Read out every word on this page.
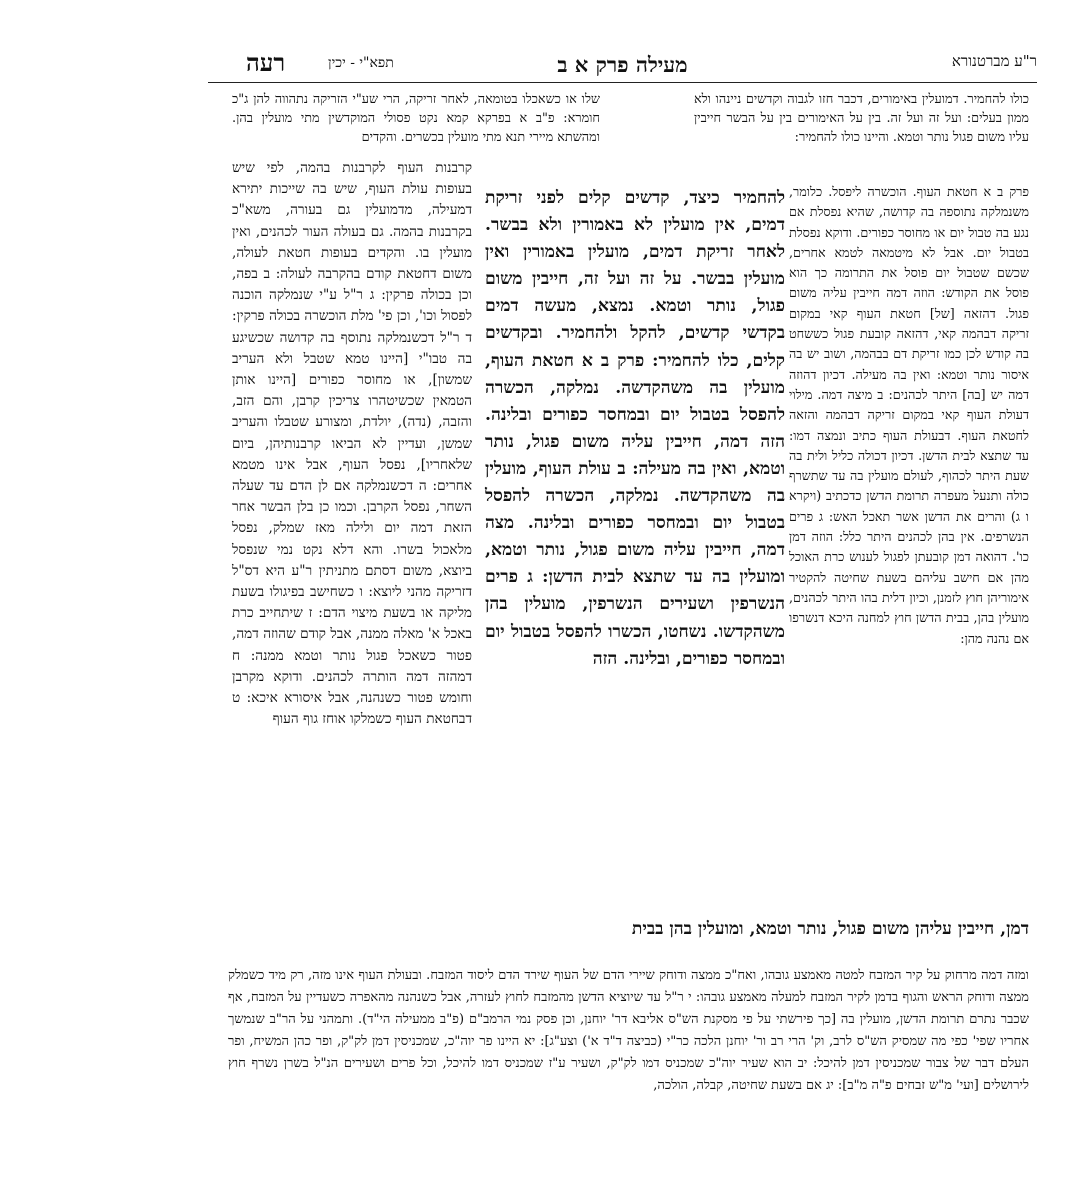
ר"ע מברטנורא
מעילה פרק א ב
תפא"י - יכין
רעה

כולו להחמיר. דמועלין באימורים, דכבר חזו לגבוה וקדשים ניינהו ולא ממון בעלים: ועל זה ועל זה. בין על האימורים בין על הבשר חייבין עליו משום פגול נותר וטמא. והיינו כולו להחמיר:

שלו או כשאכלו בטומאה, לאחר זריקה, הרי שע"י הזריקה נתהווה להן ג"כ חומרא: פ"ב א בפרקא קמא נקט פסולי המוקדשין מתי מועלין בהן. ומהשתא מיירי תנא מתי מועלין בכשרים. והקדים

קרבנות העוף לקרבנות בהמה, לפי שיש בעופות עולת העוף, שיש בה שייכות יתירא דמעילה, מדמועלין גם בעורה, משא"כ בקרבנות בהמה. גם בעולה העור לכהנים, ואין מועלין בו. והקדים בעופות חטאת לעולה, משום דחטאת קודם בהקרבה לעולה: ב בפה, וכן בכולה פרקין: ג ר"ל ע"י שנמלקה הוכנה לפסול וכו', וכן פי' מלת הוכשרה בכולה פרקין: ד ר"ל דכשנמלקה נתוסף בה קדושה שכשיגע בה טבו"י [היינו טמא שטבל ולא העריב שמשון], או מחוסר כפורים [היינו אותן הטמאין שכשיטהרו צריכין קרבן, והם הזב, והזבה, (נדה), יולדת, ומצורע שטבלו והעריב שמשן, ועדיין לא הביאו קרבנותיהן, ביום שלאחריו], נפסל העוף, אבל אינו מטמא אחרים: ה דכשנמלקה אם לן הדם עד שעלה השחר, נפסל הקרבן. וכמו כן בלן הבשר אחר הזאת דמה יום ולילה מאז שמלק, נפסל מלאכול בשרו. והא דלא נקט נמי שנפסל ביוצא, משום דסתם מתניתין ר"ע היא דס"ל דזריקה מהני ליוצא: ו כשחישב בפיגולו בשעת מליקה או בשעת מיצוי הדם: ז שיתחייב כרת באכל א' מאלה ממנה, אבל קודם שהוזה דמה, פטור כשאכל פגול נותר וטמא ממנה: ח דמהזה דמה הותרה לכהנים. ודוקא מקרבן וחומש פטור כשנהנה, אבל איסורא איכא: ט דבחטאת העוף כשמלקו אוחז גוף העוף

להחמיר כיצד, קדשים קלים לפני זריקת דמים, אין מועלין לא באמורין ולא בבשר. לאחר זריקת דמים, מועלין באמורין ואין מועלין בבשר. על זה ועל זה, חייבין משום פגול, נותר וטמא. נמצא, מעשה דמים בקדשי קדשים, להקל ולהחמיר. ובקדשים קלים, כלו להחמיר: פרק ב א חטאת העוף, מועלין בה משהקדשה. נמלקה, הכשרה להפסל בטבול יום ובמחסר כפורים ובלינה. הזה דמה, חייבין עליה משום פגול, נותר וטמא, ואין בה מעילה: ב עולת העוף, מועלין בה משהקדשה. נמלקה, הכשרה להפסל בטבול יום ובמחסר כפורים ובלינה. מצה דמה, חייבין עליה משום פגול, נותר וטמא, ומועלין בה עד שתצא לבית הדשן: ג פרים הנשרפין ושעירים הנשרפין, מועלין בהן משהקדשו. נשחטו, הכשרו להפסל בטבול יום ובמחסר כפורים, ובלינה. הזה

פרק ב א חטאת העוף. הוכשרה ליפסל. כלומר, משנמלקה נתוספה בה קדושה, שהיא נפסלת אם נגע בה טבול יום או מחוסר כפורים. ודוקא נפסלת בטבול יום. אבל לא מיטמאה לטמא אחרים, שכשם שטבול יום פוסל את התרומה כך הוא פוסל את הקודש: הוזה דמה חייבין עליה משום פגול. דהזאה [של] חטאת העוף קאי במקום זריקה דבהמה קאי, דהזאה קובעת פגול כששחט בה קודש לכן כמו זריקת דם בבהמה, ושוב יש בה איסור נותר וטמא: ואין בה מעילה. דכיון דהוזה דמה יש [בה] היתר לכהנים: ב מיצה דמה. מילוי דעולת העוף קאי במקום זריקה דבהמה והזאה לחטאת העוף. דבעולת העוף כתיב ונמצה דמו: עד שתצא לבית הדשן. דכיון דכולה כליל ולית בה שעת היתר לכהוף, לעולם מועלין בה עד שתשרף כולה ותנעל מעפרה תרומת הדשן כדכתיב (ויקרא ו ג) והרים את הדשן אשר תאכל האש: ג פרים הנשרפים. אין בהן לכהנים היתר כלל: הוזה דמן כו'. דהואה דמן קובעתן לפגול לענוש כרת האוכל מהן אם חישב עליהם בשעת שחיטה להקטיר אימוריהן חוץ לזמנן, וכיון דלית בהו היתר לכהנים, מועלין בהן, בבית הדשן חוץ למחנה היכא דנשרפו אם נהנה מהן:

דמן, חייבין עליהן משום פגול, נותר וטמא, ומועלין בהן בבית

ומזה דמה מרחוק על קיר המזבח למטה מאמצע גובהו, ואח"כ ממצה ודוחק שיירי הדם של העוף שירד הדם ליסוד המזבח. ובעולת העוף אינו מזה, רק מיד כשמלק ממצה ודוחק הראש והגוף בדמן לקיר המזבח למעלה מאמצע גובהו: י ר"ל עד שיוציא הדשן מהמזבח לחוץ לעזרה, אבל כשנהנה מהאפרה כשעדיין על המזבח, אף שכבר נתרם תרומת הדשן, מועלין בה [כך פירשתי על פי מסקנת הש"ס אליבא דר' יוחנן, וכן פסק נמי הרמב"ם (פ"ב ממעילה הי"ד). ותמהני על הר"ב שנמשך אחריו שפי' כפי מה שמסיק הש"ס לרב, וק' הרי רב ור' יוחנן הלכה כר"י (כביצה ד"ד א') וצע"ג]: יא היינו פר יוה"כ, שמכניסין דמן לק"ק, ופר כהן המשיח, ופר העלם דבר של צבור שמכניסין דמן להיכל: יב הוא שעיר יוה"כ שמכניס דמו לק"ק, ושעיר ע"ז שמכניס דמו להיכל, וכל פרים ושעירים הנ"ל בשרן נשרף חוץ לירושלים [ועי' מ"ש זבחים פ"ה מ"ב]: יג אם בשעת שחיטה, קבלה, הולכה,
